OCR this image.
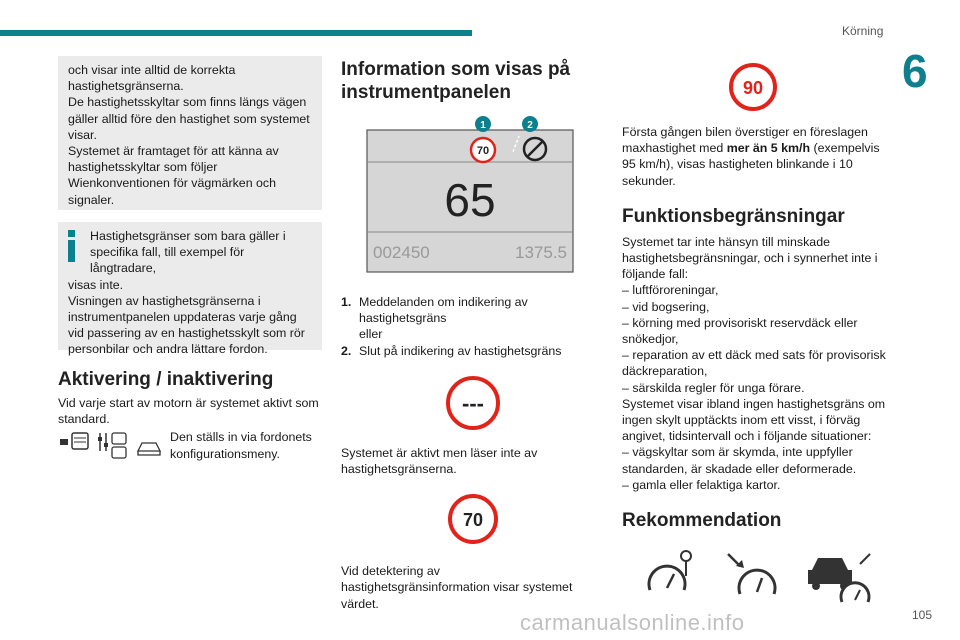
Körning
6
och visar inte alltid de korrekta hastighetsgränserna.
De hastighetsskyltar som finns längs vägen gäller alltid före den hastighet som systemet visar.
Systemet är framtaget för att känna av hastighetsskyltar som följer Wienkonventionen för vägmärken och signaler.

Hastighetsgränser som bara gäller i specifika fall, till exempel för långtradare,

visas inte.
Visningen av hastighetsgränserna i instrumentpanelen uppdateras varje gång vid passering av en hastighetsskylt som rör personbilar och andra lättare fordon.

Aktivering / inaktivering

Vid varje start av motorn är systemet aktivt som standard.

Den ställs in via fordonets konfigurationsmeny.
Information som visas på instrumentpanelen
70
1	2
65
002450	1375.5
1. Meddelanden om indikering av hastighetsgräns
eller
2. Slut på indikering av hastighetsgräns
---

Systemet är aktivt men läser inte av hastighetsgränserna.

70

Vid detektering av hastighetsgränsinformation visar systemet värdet.

90

Första gången bilen överstiger en föreslagen maxhastighet med mer än 5 km/h (exempelvis 95 km/h), visas hastigheten blinkande i 10 sekunder.

Funktionsbegränsningar

Systemet tar inte hänsyn till minskade hastighetsbegränsningar, och i synnerhet inte i följande fall:
– luftföroreningar,
– vid bogsering,
– körning med provisoriskt reservdäck eller snökedjor,
– reparation av ett däck med sats för provisorisk däckreparation,
– särskilda regler för unga förare.
Systemet visar ibland ingen hastighetsgräns om ingen skylt upptäckts inom ett visst, i förväg angivet, tidsintervall och i följande situationer:
– vägskyltar som är skymda, inte uppfyller standarden, är skadade eller deformerade.
– gamla eller felaktiga kartor.

Rekommendation
carmanualsonline.info	105
